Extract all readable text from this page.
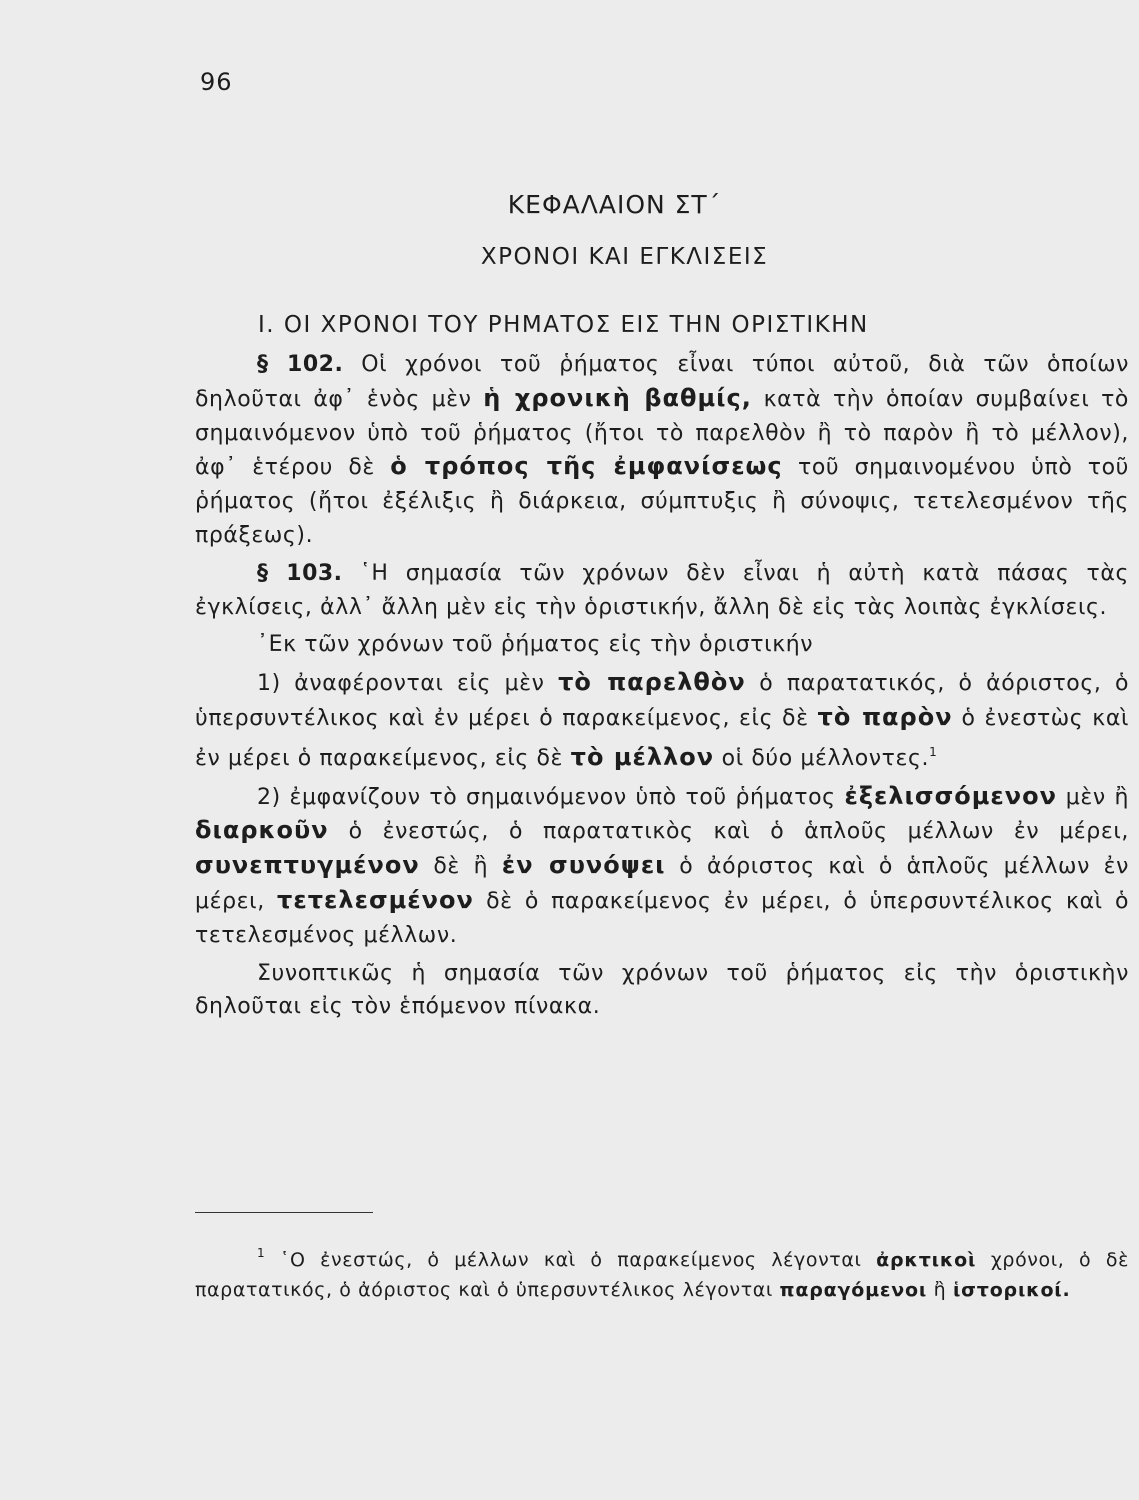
96
ΚΕΦΑΛΑΙΟΝ ΣΤ΄
ΧΡΟΝΟΙ ΚΑΙ ΕΓΚΛΙΣΕΙΣ
I. ΟΙ ΧΡΟΝΟΙ ΤΟΥ ΡΗΜΑΤΟΣ ΕΙΣ ΤΗΝ ΟΡΙΣΤΙΚΗΝ

§ 102. Οἱ χρόνοι τοῦ ῥήματος εἶναι τύποι αὐτοῦ, διὰ τῶν ὁποίων δηλοῦται ἀφ᾿ ἑνὸς μὲν ἡ χρονικὴ βαθμίς, κατὰ τὴν ὁποίαν συμβαίνει τὸ σημαινόμενον ὑπὸ τοῦ ῥήματος (ἤτοι τὸ παρελθὸν ἢ τὸ παρὸν ἢ τὸ μέλλον), ἀφ᾿ ἑτέρου δὲ ὁ τρόπος τῆς ἐμφανίσεως τοῦ σημαινομένου ὑπὸ τοῦ ῥήματος (ἤτοι ἐξέλιξις ἢ διάρκεια, σύμπτυξις ἢ σύνοψις, τετελεσμένον τῆς πράξεως).

§ 103. ῾Η σημασία τῶν χρόνων δὲν εἶναι ἡ αὐτὴ κατὰ πάσας τὰς ἐγκλίσεις, ἀλλ᾿ ἄλλη μὲν εἰς τὴν ὁριστικήν, ἄλλη δὲ εἰς τὰς λοιπὰς ἐγκλίσεις.

᾿Εκ τῶν χρόνων τοῦ ῥήματος εἰς τὴν ὁριστικήν

1) ἀναφέρονται εἰς μὲν τὸ παρελθὸν ὁ παρατατικός, ὁ ἀόριστος, ὁ ὑπερσυντέλικος καὶ ἐν μέρει ὁ παρακείμενος, εἰς δὲ τὸ παρὸν ὁ ἐνεστὼς καὶ ἐν μέρει ὁ παρακείμενος, εἰς δὲ τὸ μέλλον οἱ δύο μέλλοντες.$^1$

2) ἐμφανίζουν τὸ σημαινόμενον ὑπὸ τοῦ ῥήματος ἐξελισσόμενον μὲν ἢ διαρκοῦν ὁ ἐνεστώς, ὁ παρατατικὸς καὶ ὁ ἁπλοῦς μέλλων ἐν μέρει, συνεπτυγμένον δὲ ἢ ἐν συνόψει ὁ ἀόριστος καὶ ὁ ἁπλοῦς μέλλων ἐν μέρει, τετελεσμένον δὲ ὁ παρακείμενος ἐν μέρει, ὁ ὑπερσυντέλικος καὶ ὁ τετελεσμένος μέλλων.

Συνοπτικῶς ἡ σημασία τῶν χρόνων τοῦ ῥήματος εἰς τὴν ὁριστικὴν δηλοῦται εἰς τὸν ἑπόμενον πίνακα.

$^1$ ῾Ο ἐνεστώς, ὁ μέλλων καὶ ὁ παρακείμενος λέγονται ἀρκτικοὶ χρόνοι, ὁ δὲ παρατατικός, ὁ ἀόριστος καὶ ὁ ὑπερσυντέλικος λέγονται παραγόμενοι ἢ ἱστορικοί.
